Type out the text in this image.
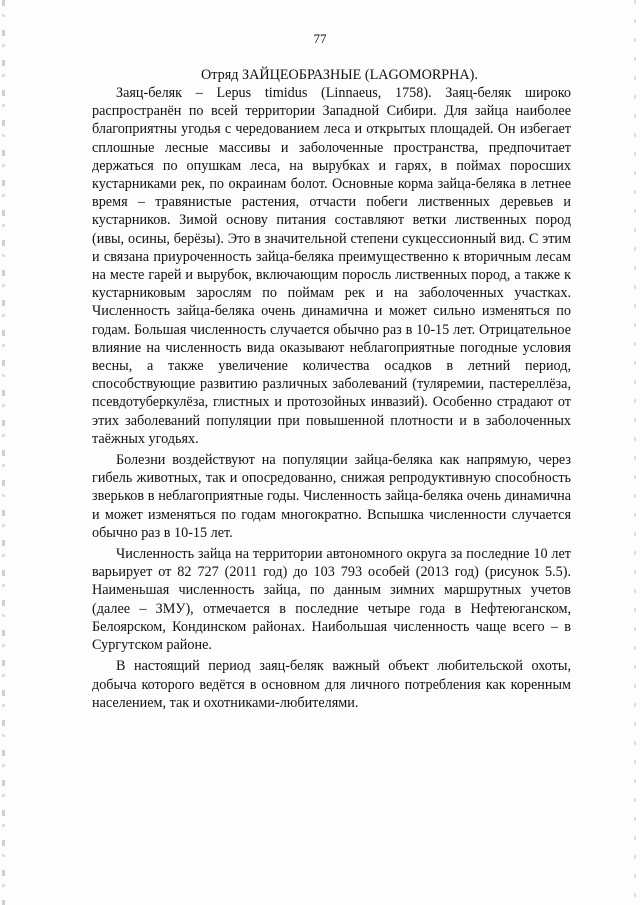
77

Отряд ЗАЙЦЕОБРАЗНЫЕ (LAGOMORPHA).

Заяц-беляк – Lepus timidus (Linnaeus, 1758). Заяц-беляк широко распространён по всей территории Западной Сибири. Для зайца наиболее благоприятны угодья с чередованием леса и открытых площадей. Он избегает сплошные лесные массивы и заболоченные пространства, предпочитает держаться по опушкам леса, на вырубках и гарях, в поймах поросших кустарниками рек, по окраинам болот. Основные корма зайца-беляка в летнее время – травянистые растения, отчасти побеги лиственных деревьев и кустарников. Зимой основу питания составляют ветки лиственных пород (ивы, осины, берёзы). Это в значительной степени сукцессионный вид. С этим и связана приуроченность зайца-беляка преимущественно к вторичным лесам на месте гарей и вырубок, включающим поросль лиственных пород, а также к кустарниковым зарослям по поймам рек и на заболоченных участках. Численность зайца-беляка очень динамична и может сильно изменяться по годам. Большая численность случается обычно раз в 10-15 лет. Отрицательное влияние на численность вида оказывают неблагоприятные погодные условия весны, а также увеличение количества осадков в летний период, способствующие развитию различных заболеваний (туляремии, пастереллёза, псевдотуберкулёза, глистных и протозойных инвазий). Особенно страдают от этих заболеваний популяции при повышенной плотности и в заболоченных таёжных угодьях.

Болезни воздействуют на популяции зайца-беляка как напрямую, через гибель животных, так и опосредованно, снижая репродуктивную способность зверьков в неблагоприятные годы. Численность зайца-беляка очень динамична и может изменяться по годам многократно. Вспышка численности случается обычно раз в 10-15 лет.

Численность зайца на территории автономного округа за последние 10 лет варьирует от 82 727 (2011 год) до 103 793 особей (2013 год) (рисунок 5.5). Наименьшая численность зайца, по данным зимних маршрутных учетов (далее – ЗМУ), отмечается в последние четыре года в Нефтеюганском, Белоярском, Кондинском районах. Наибольшая численность чаще всего – в Сургутском районе.

В настоящий период заяц-беляк важный объект любительской охоты, добыча которого ведётся в основном для личного потребления как коренным населением, так и охотниками-любителями.
